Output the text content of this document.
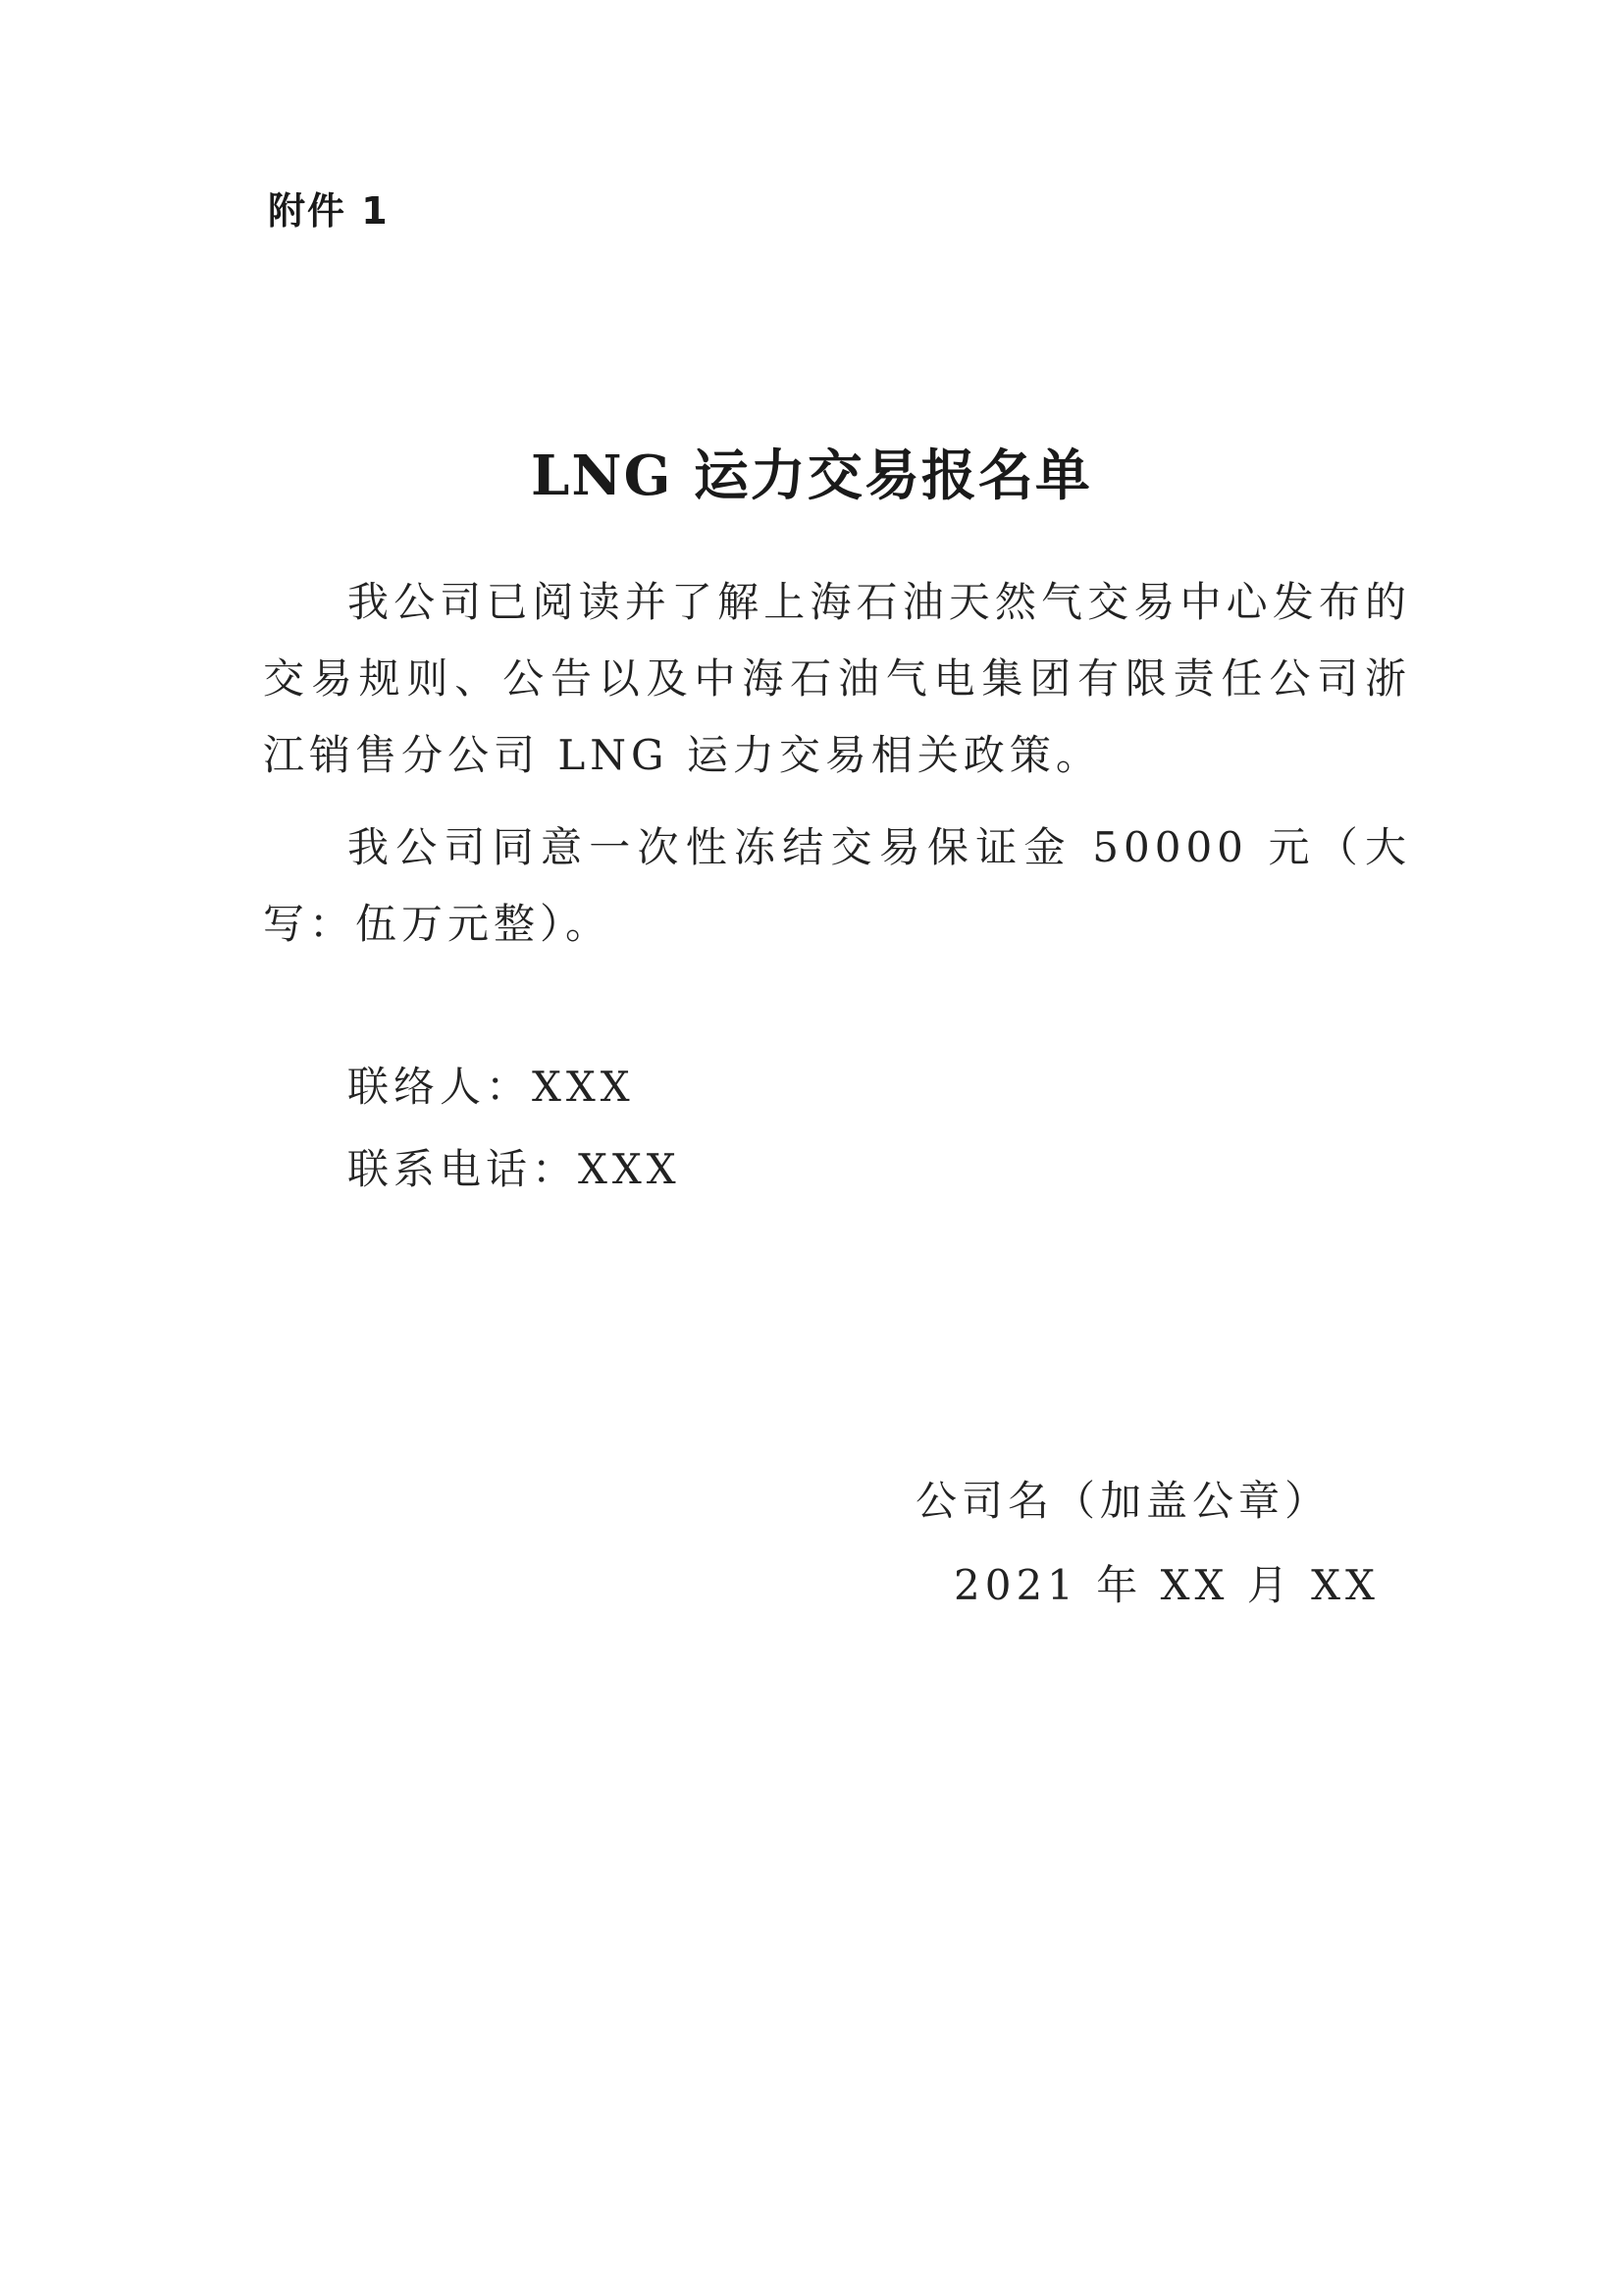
附件 1
LNG 运力交易报名单

我公司已阅读并了解上海石油天然气交易中心发布的交易规则、公告以及中海石油气电集团有限责任公司浙江销售分公司 LNG 运力交易相关政策。

我公司同意一次性冻结交易保证金 50000 元（大写：伍万元整）。

联络人：XXX
联系电话：XXX
公司名（加盖公章）
2021 年 XX 月 XX
